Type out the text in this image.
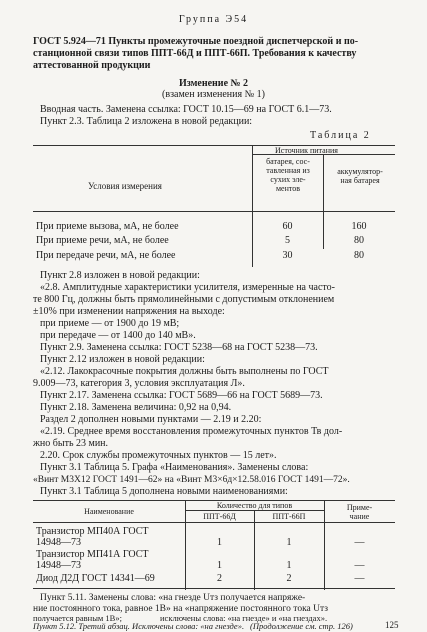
Группа Э54
ГОСТ 5.924—71 Пункты промежуточные поездной диспетчерской и по-
станционной связи типов ППТ-66Д и ППТ-66П. Требования к качеству
аттестованной продукции
Изменение № 2
(взамен изменения № 1)
Вводная часть. Заменена ссылка: ГОСТ 10.15—69 на ГОСТ 6.1—73.
Пункт 2.3. Таблица 2 изложена в новой редакции:
Таблица 2
Источник питания
Условия измерения
батарея, сос-
тавленная из
сухих эле-
ментов
аккумулятор-
ная батарея
При приеме вызова, мА, не более	60	160
При приеме речи, мА, не более	5	80
При передаче речи, мА, не более	30	80
Пункт 2.8 изложен в новой редакции:
«2.8. Амплитудные характеристики усилителя, измеренные на часто-
те 800 Гц, должны быть прямолинейными с допустимым отклонением
±10% при изменении напряжения на выходе:
при приеме — от 1900 до 19 мВ;
при передаче — от 1400 до 140 мВ».
Пункт 2.9. Заменена ссылка: ГОСТ 5238—68 на ГОСТ 5238—73.
Пункт 2.12 изложен в новой редакции:
«2.12. Лакокрасочные покрытия должны быть выполнены по ГОСТ
9.009—73, категория 3, условия эксплуатация Л».
Пункт 2.17. Заменена ссылка: ГОСТ 5689—66 на ГОСТ 5689—73.
Пункт 2.18. Заменена величина: 0,92 на 0,94.
Раздел 2 дополнен новыми пунктами — 2.19 и 2.20:
«2.19. Среднее время восстановления промежуточных пунктов Тв дол-
жно быть 23 мин.
2.20. Срок службы промежуточных пунктов — 15 лет».
Пункт 3.1 Таблица 5. Графа «Наименования». Заменены слова:
«Винт М3Х12 ГОСТ 1491—62» на «Винт М3×6д×12.58.016 ГОСТ 1491—72».
Пункт 3.1 Таблица 5 дополнена новыми наименованиями:
Наименование
Количество для типов
ППТ-66Д	ППТ-66П
Приме-
чание
Транзистор МП40А ГОСТ
14948—73	1	1	—
Транзистор МП41А ГОСТ
14948—73	1	1	—
Диод Д2Д ГОСТ 14341—69	2	2	—
Пункт 5.11. Заменены слова: «на гнезде Uтз получается напряже-
ние постоянного тока, равное 1В» на «напряжение постоянного тока Uтз
получается равным 1В»;	исключены слова: «на гнезде» и «на гнездах».
Пункт 5.12. Третий абзац. Исключены слова: «на гнезде». (Продолжение см. стр. 126)	125
